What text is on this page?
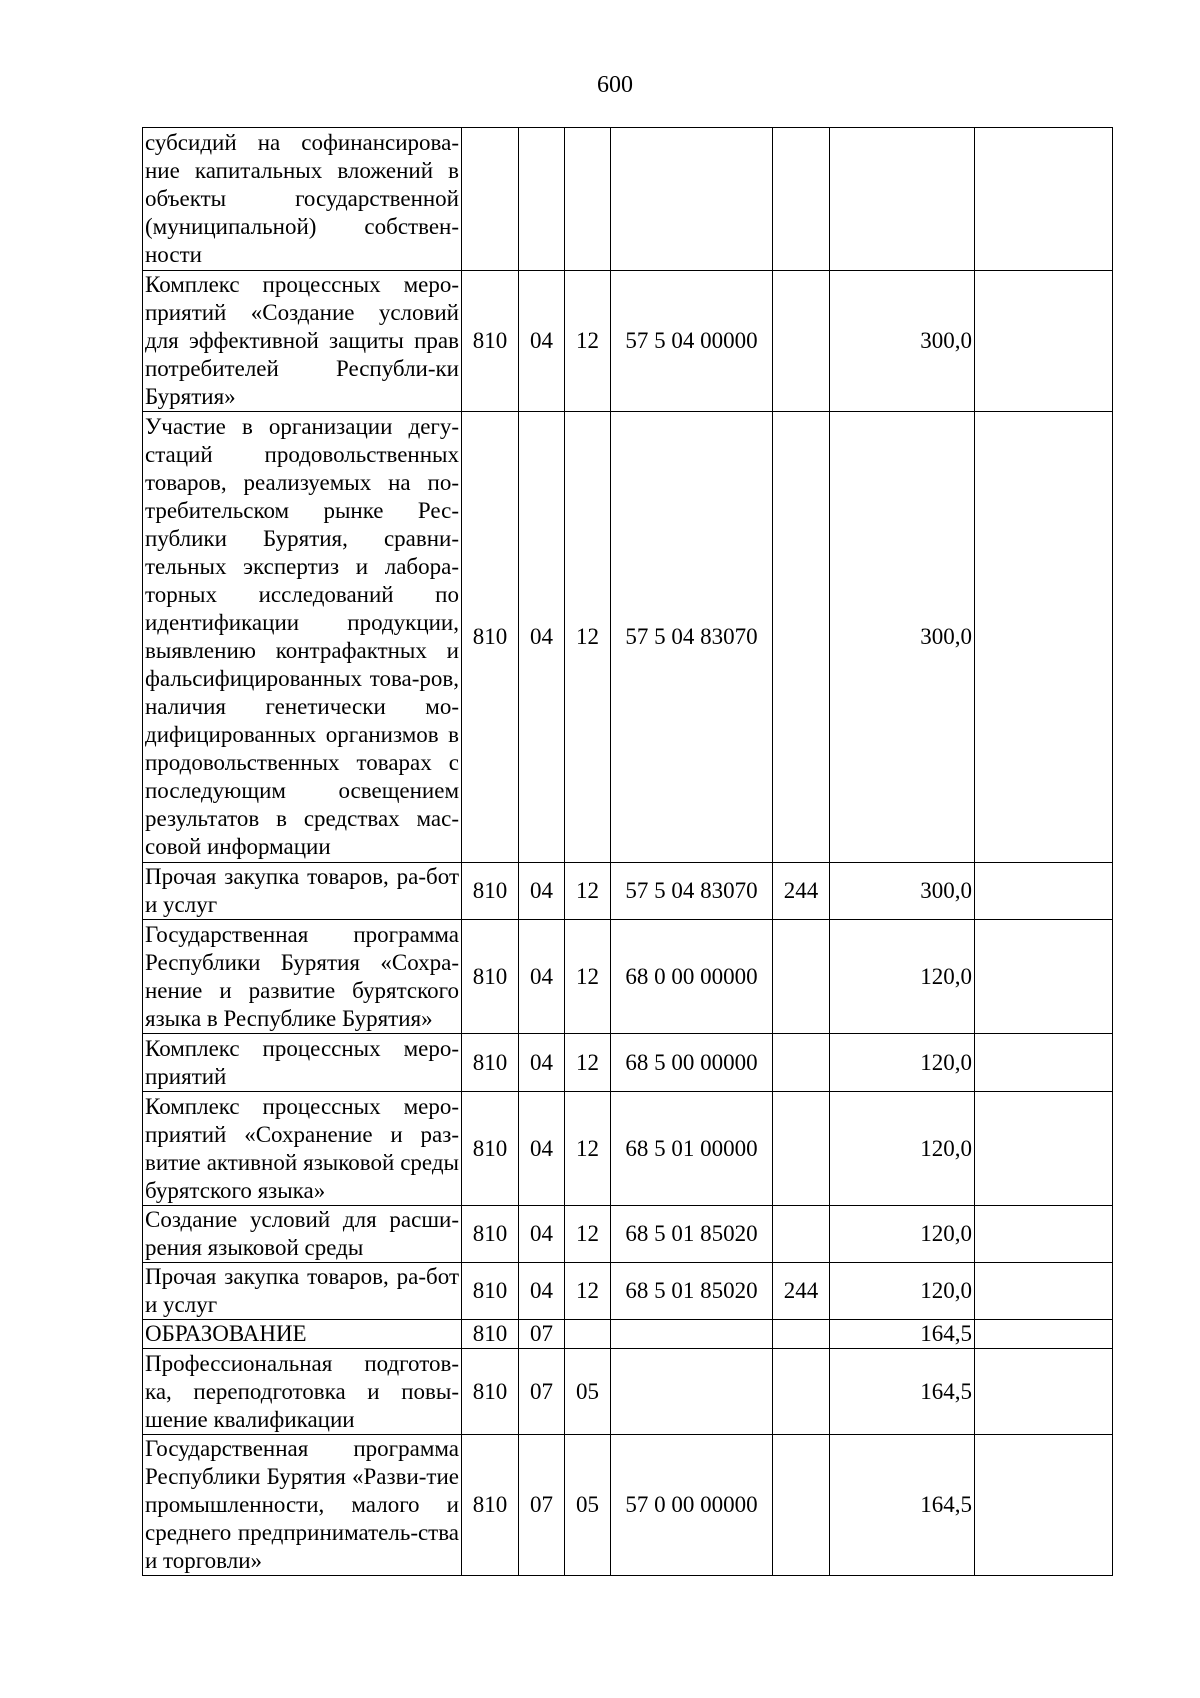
600
субсидий на софинансирова-ние капитальных вложений в объекты государственной (муниципальной) собствен-ности							
Комплекс процессных меро-приятий «Создание условий для эффективной защиты прав потребителей Республи-ки Бурятия»	810	04	12	57 5 04 00000		300,0	
Участие в организации дегу-стаций продовольственных товаров, реализуемых на по-требительском рынке Рес-публики Бурятия, сравни-тельных экспертиз и лабора-торных исследований по идентификации продукции, выявлению контрафактных и фальсифицированных това-ров, наличия генетически мо-дифицированных организмов в продовольственных товарах с последующим освещением результатов в средствах мас-совой информации	810	04	12	57 5 04 83070		300,0	
Прочая закупка товаров, ра-бот и услуг	810	04	12	57 5 04 83070	244	300,0	
Государственная программа Республики Бурятия «Сохра-нение и развитие бурятского языка в Республике Бурятия»	810	04	12	68 0 00 00000		120,0	
Комплекс процессных меро-приятий	810	04	12	68 5 00 00000		120,0	
Комплекс процессных меро-приятий «Сохранение и раз-витие активной языковой среды бурятского языка»	810	04	12	68 5 01 00000		120,0	
Создание условий для расши-рения языковой среды	810	04	12	68 5 01 85020		120,0	
Прочая закупка товаров, ра-бот и услуг	810	04	12	68 5 01 85020	244	120,0	
ОБРАЗОВАНИЕ	810	07				164,5	
Профессиональная подготов-ка, переподготовка и повы-шение квалификации	810	07	05			164,5	
Государственная программа Республики Бурятия «Разви-тие промышленности, малого и среднего предприниматель-ства и торговли»	810	07	05	57 0 00 00000		164,5	
